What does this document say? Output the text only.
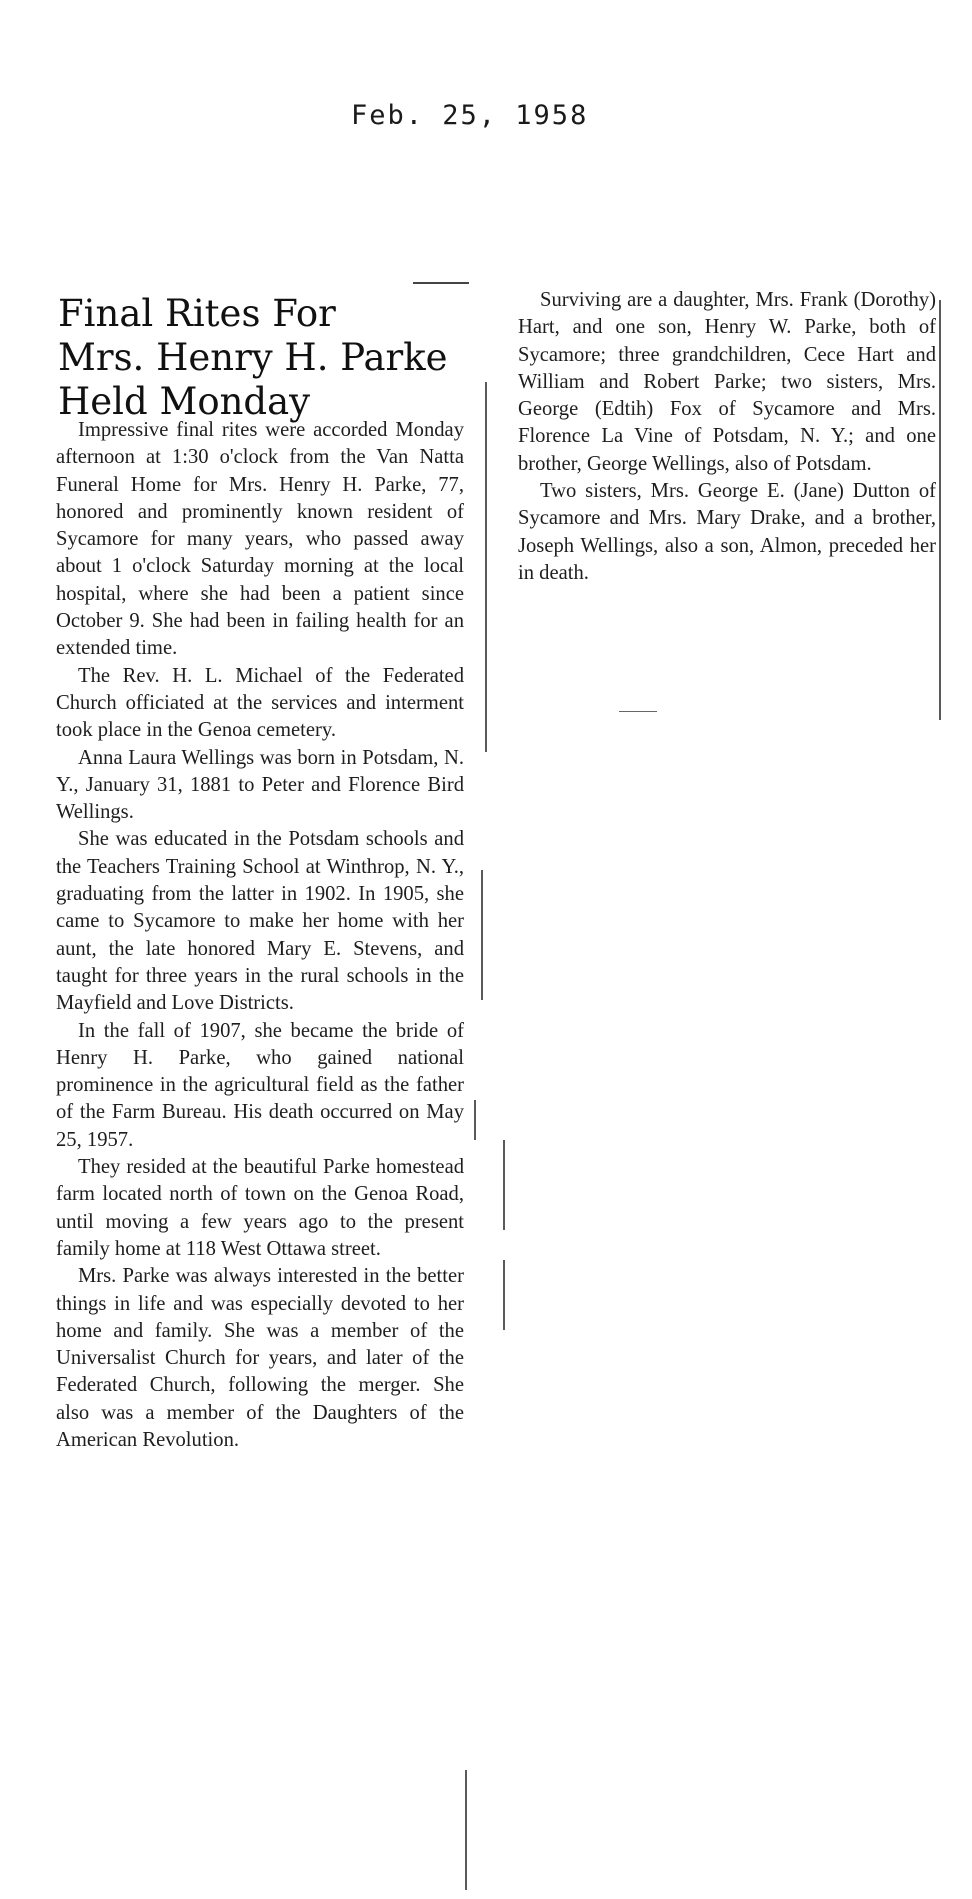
Feb. 25, 1958
Final Rites For
Mrs. Henry H. Parke
Held Monday

Impressive final rites were accorded Monday afternoon at 1:30 o'clock from the Van Natta Funeral Home for Mrs. Henry H. Parke, 77, honored and prominently known resident of Sycamore for many years, who passed away about 1 o'clock Saturday morning at the local hospital, where she had been a patient since October 9. She had been in failing health for an extended time.

The Rev. H. L. Michael of the Federated Church officiated at the services and interment took place in the Genoa cemetery.

Anna Laura Wellings was born in Potsdam, N. Y., January 31, 1881 to Peter and Florence Bird Wellings.

She was educated in the Potsdam schools and the Teachers Training School at Winthrop, N. Y., graduating from the latter in 1902. In 1905, she came to Sycamore to make her home with her aunt, the late honored Mary E. Stevens, and taught for three years in the rural schools in the Mayfield and Love Districts.

In the fall of 1907, she became the bride of Henry H. Parke, who gained national prominence in the agricultural field as the father of the Farm Bureau. His death occurred on May 25, 1957.

They resided at the beautiful Parke homestead farm located north of town on the Genoa Road, until moving a few years ago to the present family home at 118 West Ottawa street.

Mrs. Parke was always interested in the better things in life and was especially devoted to her home and family. She was a member of the Universalist Church for years, and later of the Federated Church, following the merger. She also was a member of the Daughters of the American Revolution.

Surviving are a daughter, Mrs. Frank (Dorothy) Hart, and one son, Henry W. Parke, both of Sycamore; three grandchildren, Cece Hart and William and Robert Parke; two sisters, Mrs. George (Edtih) Fox of Sycamore and Mrs. Florence La Vine of Potsdam, N. Y.; and one brother, George Wellings, also of Potsdam.

Two sisters, Mrs. George E. (Jane) Dutton of Sycamore and Mrs. Mary Drake, and a brother, Joseph Wellings, also a son, Almon, preceded her in death.
